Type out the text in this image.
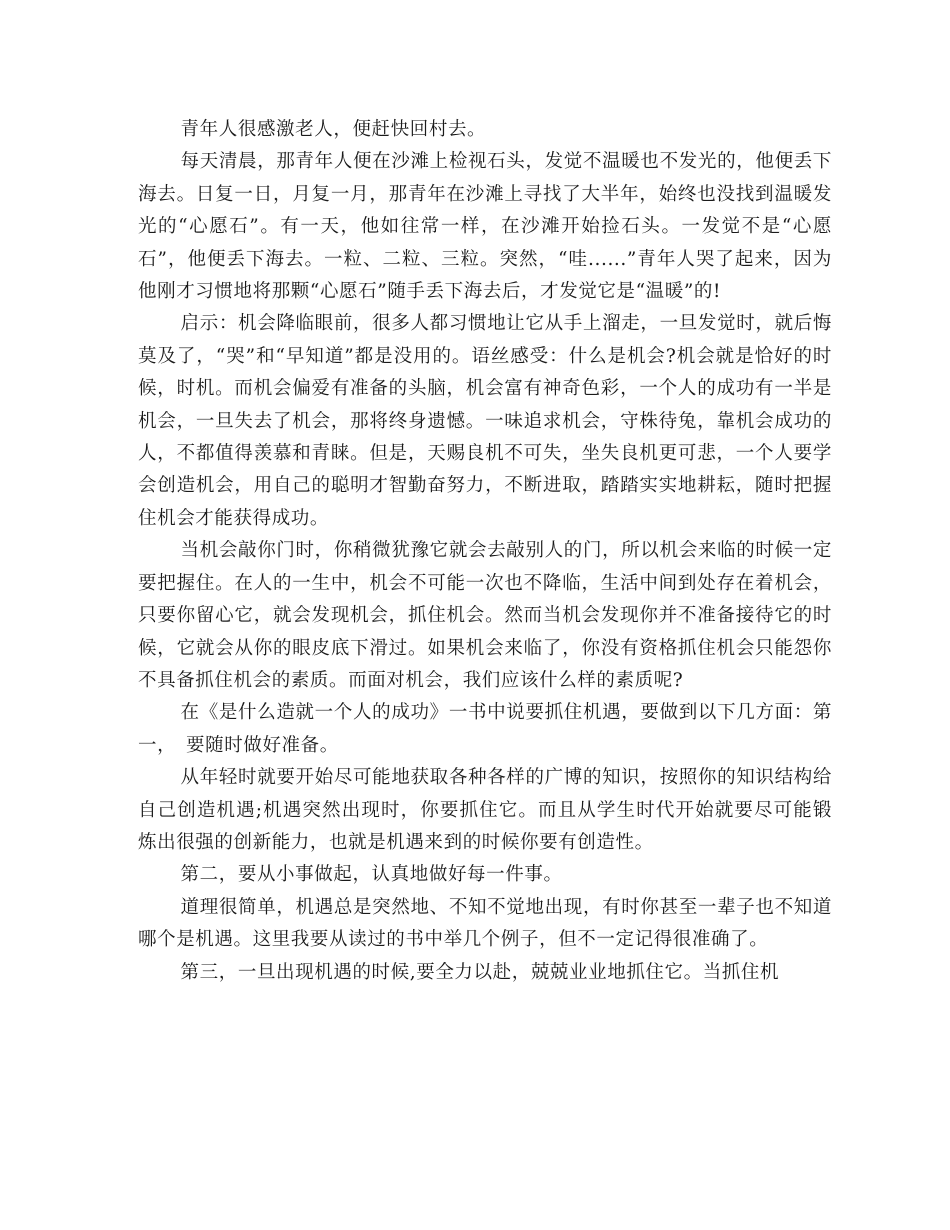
青年人很感激老人，便赶快回村去。

每天清晨，那青年人便在沙滩上检视石头，发觉不温暖也不发光的，他便丢下海去。日复一日，月复一月，那青年在沙滩上寻找了大半年，始终也没找到温暖发光的“心愿石”。有一天，他如往常一样，在沙滩开始捡石头。一发觉不是“心愿石”，他便丢下海去。一粒、二粒、三粒。突然，“哇......”青年人哭了起来，因为他刚才习惯地将那颗“心愿石”随手丢下海去后，才发觉它是“温暖”的!

启示：机会降临眼前，很多人都习惯地让它从手上溜走，一旦发觉时，就后悔莫及了，“哭”和“早知道”都是没用的。语丝感受：什么是机会?机会就是恰好的时候，时机。而机会偏爱有准备的头脑，机会富有神奇色彩，一个人的成功有一半是机会，一旦失去了机会，那将终身遗憾。一味追求机会，守株待兔，靠机会成功的人，不都值得羡慕和青睐。但是，天赐良机不可失，坐失良机更可悲，一个人要学会创造机会，用自己的聪明才智勤奋努力，不断进取，踏踏实实地耕耘，随时把握住机会才能获得成功。

当机会敲你门时，你稍微犹豫它就会去敲别人的门，所以机会来临的时候一定要把握住。在人的一生中，机会不可能一次也不降临，生活中间到处存在着机会，只要你留心它，就会发现机会，抓住机会。然而当机会发现你并不准备接待它的时候，它就会从你的眼皮底下滑过。如果机会来临了，你没有资格抓住机会只能怨你不具备抓住机会的素质。而面对机会，我们应该什么样的素质呢?

在《是什么造就一个人的成功》一书中说要抓住机遇，要做到以下几方面：第一，　要随时做好准备。

从年轻时就要开始尽可能地获取各种各样的广博的知识，按照你的知识结构给自己创造机遇;机遇突然出现时，你要抓住它。而且从学生时代开始就要尽可能锻炼出很强的创新能力，也就是机遇来到的时候你要有创造性。

第二，要从小事做起，认真地做好每一件事。

道理很简单，机遇总是突然地、不知不觉地出现，有时你甚至一辈子也不知道哪个是机遇。这里我要从读过的书中举几个例子，但不一定记得很准确了。

第三，一旦出现机遇的时候,要全力以赴，兢兢业业地抓住它。当抓住机
